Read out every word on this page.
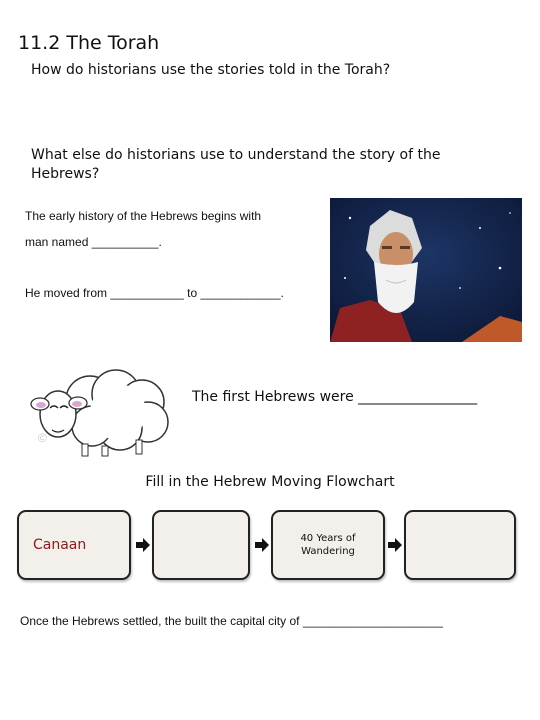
11.2 The Torah
How do historians use the stories told in the Torah?
What else do historians use to understand the story of the Hebrews?
The early history of the Hebrews begins with
man named __________.
He moved from ___________ to ____________.
©
The first Hebrews were _________________
Fill in the Hebrew Moving Flowchart
Canaan	40 Years of
Wandering
Once the Hebrews settled, the built the capital city of _____________________
